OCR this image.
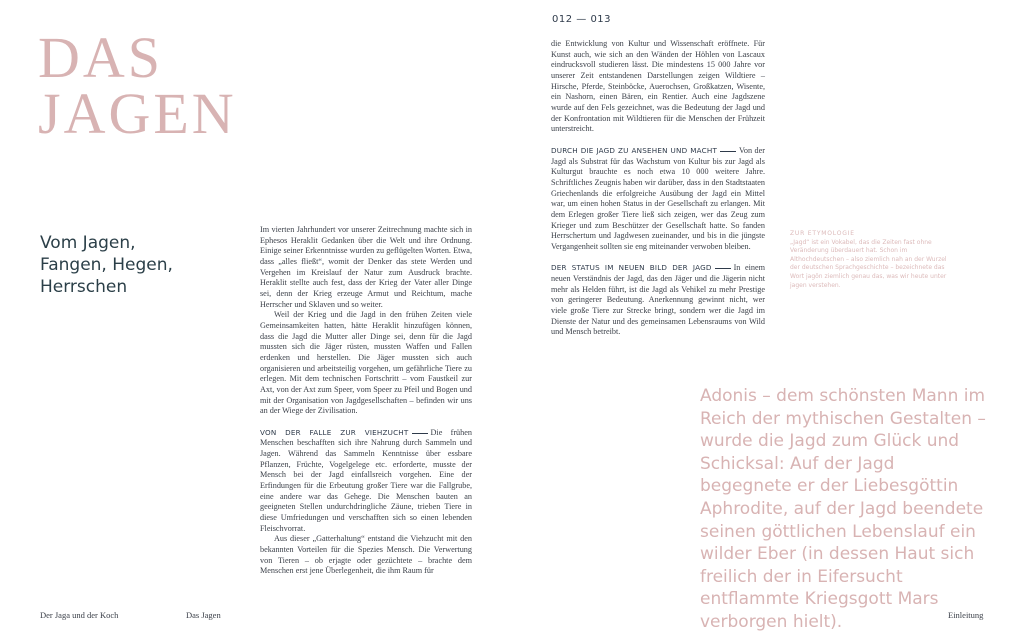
DAS
JAGEN
Vom Jagen,
Fangen, Hegen,
Herrschen

Im vierten Jahrhundert vor unserer Zeitrechnung machte sich in Ephesos Heraklit Gedanken über die Welt und ihre Ordnung. Einige seiner Erkenntnisse wurden zu geflügelten Worten. Etwa, dass „alles fließt“, womit der Denker das stete Werden und Vergehen im Kreislauf der Natur zum Ausdruck brachte. Heraklit stellte auch fest, dass der Krieg der Vater aller Dinge sei, denn der Krieg erzeuge Armut und Reichtum, mache Herrscher und Sklaven und so weiter.

Weil der Krieg und die Jagd in den frühen Zeiten viele Gemeinsamkeiten hatten, hätte Heraklit hinzufügen können, dass die Jagd die Mutter aller Dinge sei, denn für die Jagd mussten sich die Jäger rüsten, mussten Waffen und Fallen erdenken und herstellen. Die Jäger mussten sich auch organisieren und arbeitsteilig vorgehen, um gefährliche Tiere zu erlegen. Mit dem technischen Fortschritt – vom Faustkeil zur Axt, von der Axt zum Speer, vom Speer zu Pfeil und Bogen und mit der Organisation von Jagdgesellschaften – befinden wir uns an der Wiege der Zivilisation.

VON DER FALLE ZUR VIEHZUCHT	Die frühen Menschen beschafften sich ihre Nahrung durch Sammeln und Jagen. Während das Sammeln Kenntnisse über essbare Pflanzen, Früchte, Vogelgelege etc. erforderte, musste der Mensch bei der Jagd einfallsreich vorgehen. Eine der Erfindungen für die Erbeutung großer Tiere war die Fallgrube, eine andere war das Gehege. Die Menschen bauten an geeigneten Stellen undurchdringliche Zäune, trieben Tiere in diese Umfriedungen und verschafften sich so einen lebenden Fleischvorrat.

Aus dieser „Gatterhaltung“ entstand die Viehzucht mit den bekannten Vorteilen für die Spezies Mensch. Die Verwertung von Tieren – ob erjagte oder gezüchtete – brachte dem Menschen erst jene Überlegenheit, die ihm Raum für

012 — 013

die Entwicklung von Kultur und Wissenschaft eröffnete. Für Kunst auch, wie sich an den Wänden der Höhlen von Lascaux eindrucksvoll studieren lässt. Die mindestens 15 000 Jahre vor unserer Zeit entstandenen Darstellungen zeigen Wildtiere – Hirsche, Pferde, Steinböcke, Auerochsen, Großkatzen, Wisente, ein Nashorn, einen Bären, ein Rentier. Auch eine Jagdszene wurde auf den Fels gezeichnet, was die Bedeutung der Jagd und der Konfrontation mit Wildtieren für die Menschen der Frühzeit unterstreicht.

DURCH DIE JAGD ZU ANSEHEN UND MACHT	Von der Jagd als Substrat für das Wachstum von Kultur bis zur Jagd als Kulturgut brauchte es noch etwa 10 000 weitere Jahre. Schriftliches Zeugnis haben wir darüber, dass in den Stadtstaaten Griechenlands die erfolgreiche Ausübung der Jagd ein Mittel war, um einen hohen Status in der Gesellschaft zu erlangen. Mit dem Erlegen großer Tiere ließ sich zeigen, wer das Zeug zum Krieger und zum Beschützer der Gesellschaft hatte. So fanden Herrschertum und Jagdwesen zueinander, und bis in die jüngste Vergangenheit sollten sie eng miteinander verwoben bleiben.

DER STATUS IM NEUEN BILD DER JAGD	In einem neuen Verständnis der Jagd, das den Jäger und die Jägerin nicht mehr als Helden führt, ist die Jagd als Vehikel zu mehr Prestige von geringerer Bedeutung. Anerkennung gewinnt nicht, wer viele große Tiere zur Strecke bringt, sondern wer die Jagd im Dienste der Natur und des gemeinsamen Lebensraums von Wild und Mensch betreibt.

ZUR ETYMOLOGIE
„Jagd“ ist ein Vokabel, das die Zeiten fast ohne Veränderung überdauert hat. Schon im Althochdeutschen – also ziemlich nah an der Wurzel der deutschen Sprachgeschichte – bezeichnete das Wort jagôn ziemlich genau das, was wir heute unter jagen verstehen.
Adonis – dem schönsten Mann im Reich der mythischen Gestalten – wurde die Jagd zum Glück und Schicksal: Auf der Jagd begegnete er der Liebesgöttin Aphrodite, auf der Jagd beendete seinen göttlichen Lebenslauf ein wilder Eber (in dessen Haut sich freilich der in Eifersucht entflammte Kriegsgott Mars verborgen hielt).
Der Jaga und der Koch	Das Jagen	Einleitung
